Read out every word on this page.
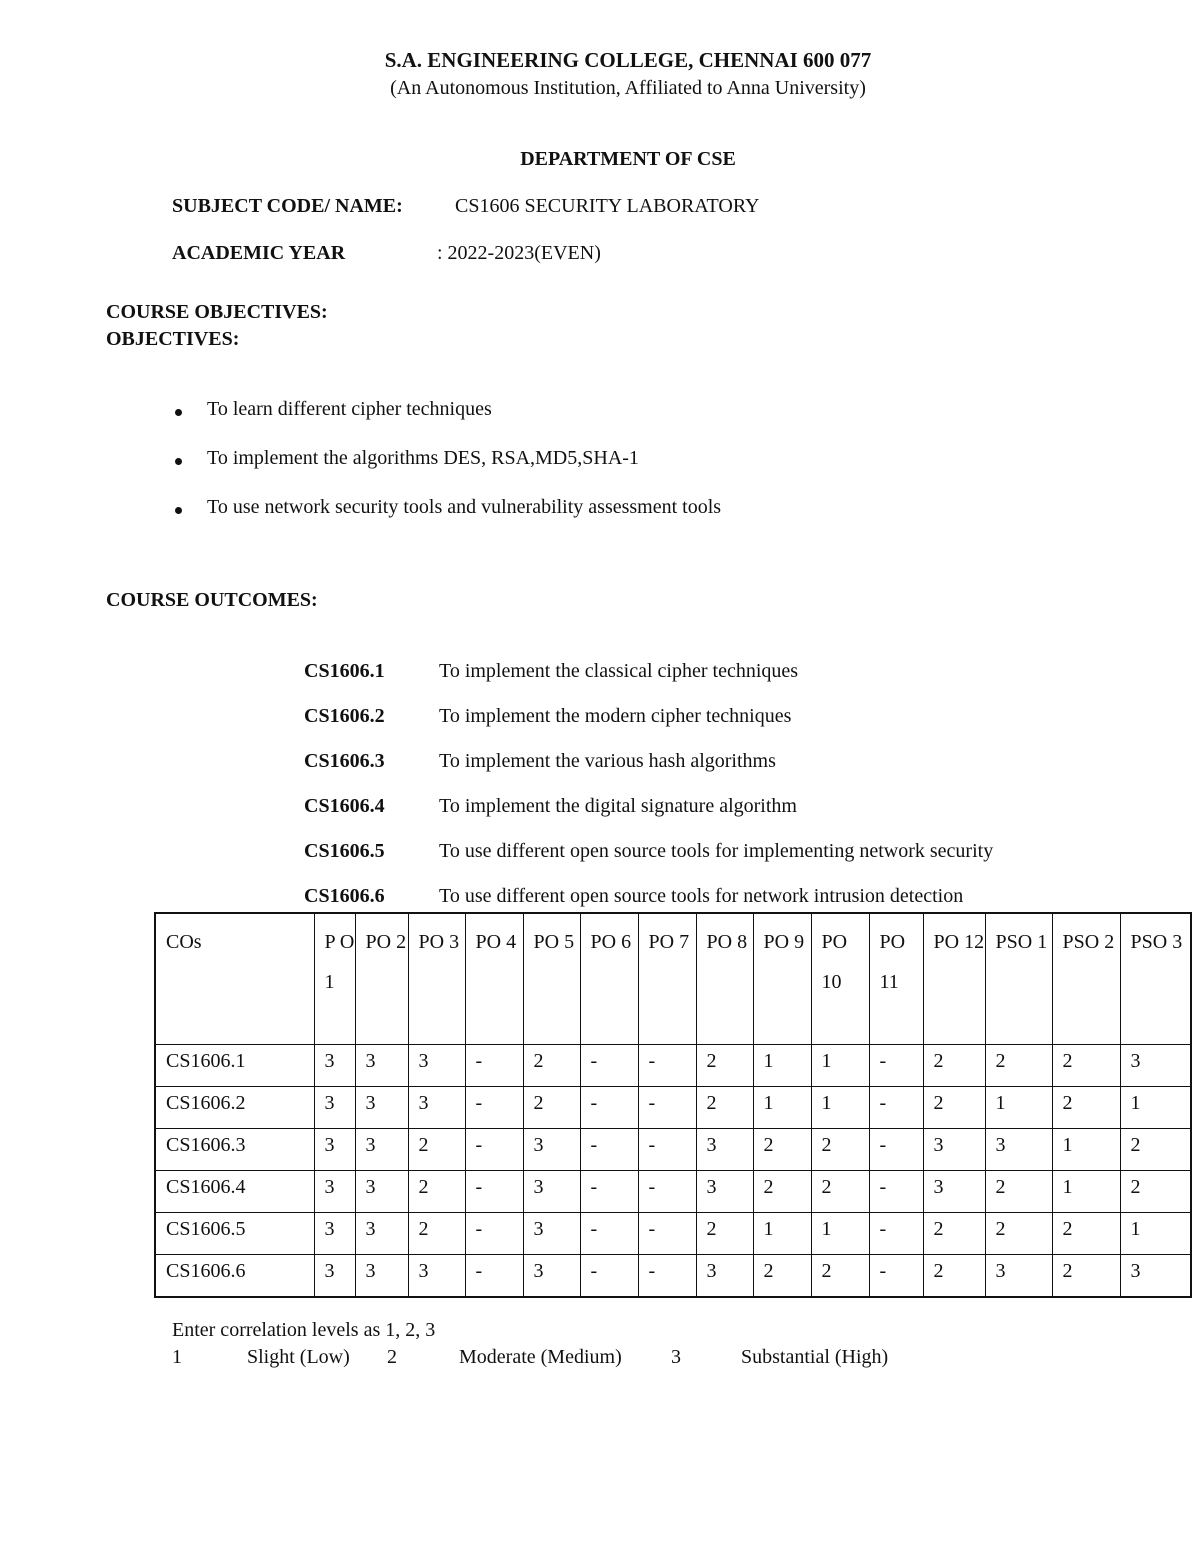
S.A. ENGINEERING COLLEGE, CHENNAI 600 077
(An Autonomous Institution, Affiliated to Anna University)
DEPARTMENT OF CSE
SUBJECT CODE/ NAME:	CS1606 SECURITY LABORATORY
ACADEMIC YEAR	: 2022-2023(EVEN)
COURSE OBJECTIVES:
OBJECTIVES:
To learn different cipher techniques
To implement the algorithms DES, RSA,MD5,SHA-1
To use network security tools and vulnerability assessment tools
COURSE OUTCOMES:
CS1606.1	To implement the classical cipher techniques
CS1606.2	To implement the modern cipher techniques
CS1606.3	To implement the various hash algorithms
CS1606.4	To implement the digital signature algorithm
CS1606.5	To use different open source tools for implementing network security
CS1606.6	To use different open source tools for network intrusion detection
COs	P O 1	PO 2	PO 3	PO 4	PO 5	PO 6	PO 7	PO 8	PO 9	PO 10	PO 11	PO 12	PSO 1	PSO 2	PSO 3
CS1606.1	3	3	3	-	2	-	-	2	1	1	-	2	2	2	3
CS1606.2	3	3	3	-	2	-	-	2	1	1	-	2	1	2	1
CS1606.3	3	3	2	-	3	-	-	3	2	2	-	3	3	1	2
CS1606.4	3	3	2	-	3	-	-	3	2	2	-	3	2	1	2
CS1606.5	3	3	2	-	3	-	-	2	1	1	-	2	2	2	1
CS1606.6	3	3	3	-	3	-	-	3	2	2	-	2	3	2	3
Enter correlation levels as 1, 2, 3
1	Slight (Low) 2	Moderate (Medium) 3	Substantial (High)
